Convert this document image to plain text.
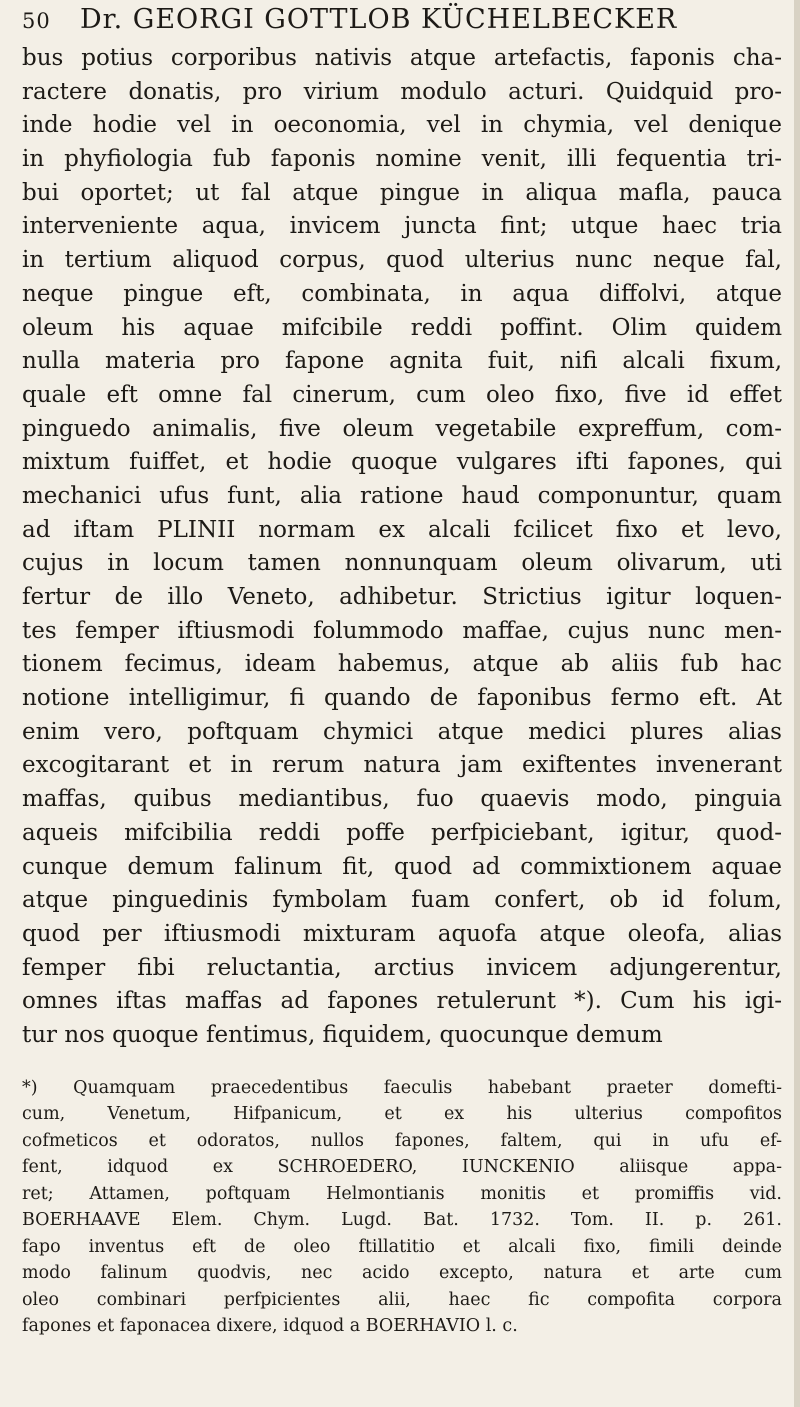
50	Dr. GEORGI GOTTLOB KÜCHELBECKER
bus potius corporibus nativis atque artefactis, faponis cha-
ractere donatis, pro virium modulo acturi. Quidquid pro-
inde hodie vel in oeconomia, vel in chymia, vel denique
in phyfiologia fub faponis nomine venit, illi fequentia tri-
bui oportet; ut fal atque pingue in aliqua mafla, pauca
interveniente aqua, invicem juncta fint; utque haec tria
in tertium aliquod corpus, quod ulterius nunc neque fal,
neque pingue eft, combinata, in aqua diffolvi, atque
oleum his aquae mifcibile reddi poffint. Olim quidem
nulla materia pro fapone agnita fuit, nifi alcali fixum,
quale eft omne fal cinerum, cum oleo fixo, five id effet
pinguedo animalis, five oleum vegetabile expreffum, com-
mixtum fuiffet, et hodie quoque vulgares ifti fapones, qui
mechanici ufus funt, alia ratione haud componuntur, quam
ad iftam PLINII normam ex alcali fcilicet fixo et levo,
cujus in locum tamen nonnunquam oleum olivarum, uti
fertur de illo Veneto, adhibetur. Strictius igitur loquen-
tes femper iftiusmodi folummodo maffae, cujus nunc men-
tionem fecimus, ideam habemus, atque ab aliis fub hac
notione intelligimur, fi quando de faponibus fermo eft. At
enim vero, poftquam chymici atque medici plures alias
excogitarant et in rerum natura jam exiftentes invenerant
maffas, quibus mediantibus, fuo quaevis modo, pinguia
aqueis mifcibilia reddi poffe perfpiciebant, igitur, quod-
cunque demum falinum fit, quod ad commixtionem aquae
atque pinguedinis fymbolam fuam confert, ob id folum,
quod per iftiusmodi mixturam aquofa atque oleofa, alias
femper fibi reluctantia, arctius invicem adjungerentur,
omnes iftas maffas ad fapones retulerunt *). Cum his igi-
tur nos quoque fentimus, fiquidem, quocunque demum
*) Quamquam praecedentibus faeculis habebant praeter domefti-
cum, Venetum, Hifpanicum, et ex his ulterius compofitos
cofmeticos et odoratos, nullos fapones, faltem, qui in ufu ef-
fent, idquod ex SCHROEDERO, IUNCKENIO aliisque appa-
ret; Attamen, poftquam Helmontianis monitis et promiffis vid.
BOERHAAVE Elem. Chym. Lugd. Bat. 1732. Tom. II. p. 261.
fapo inventus eft de oleo ftillatitio et alcali fixo, fimili deinde
modo falinum quodvis, nec acido excepto, natura et arte cum
oleo combinari perfpicientes alii, haec fic compofita corpora
fapones et faponacea dixere, idquod a BOERHAVIO l. c.
